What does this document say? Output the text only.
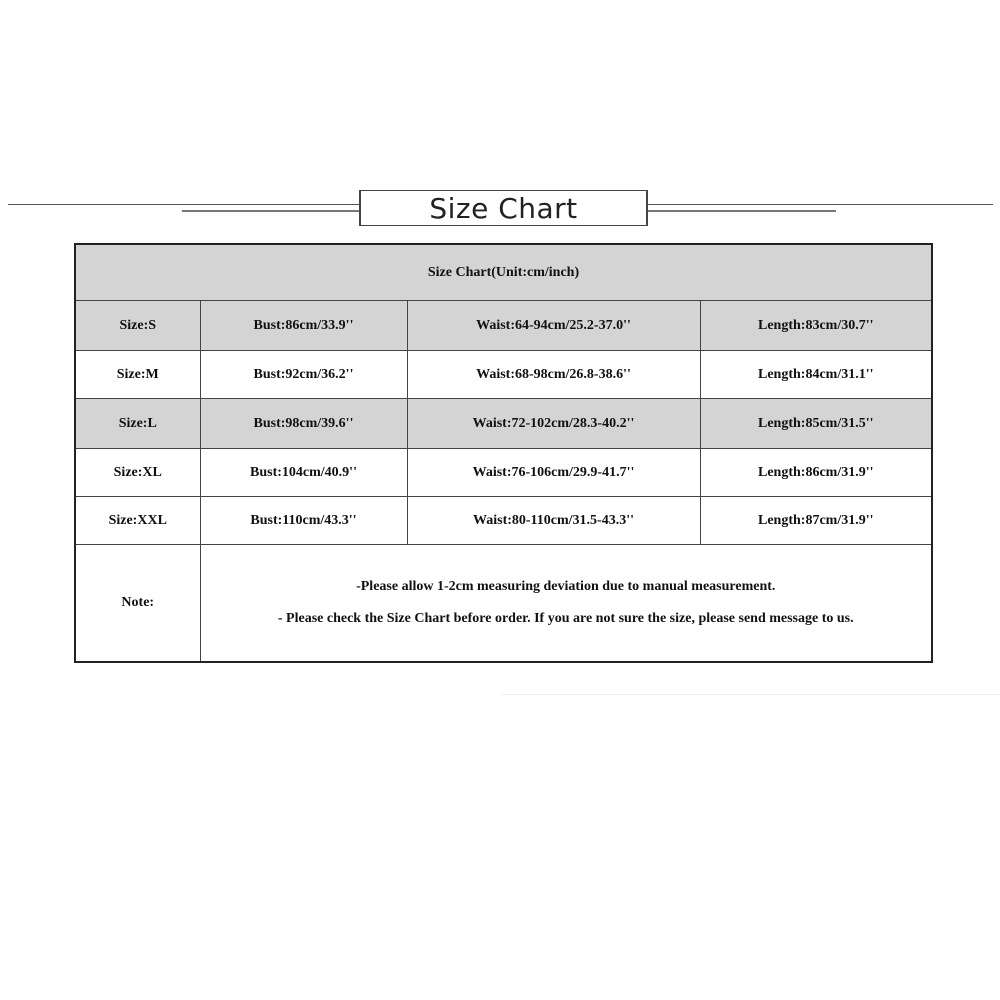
Size Chart
Size Chart(Unit:cm/inch)			
Size:S	Bust:86cm/33.9''	Waist:64-94cm/25.2-37.0''	Length:83cm/30.7''
Size:M	Bust:92cm/36.2''	Waist:68-98cm/26.8-38.6''	Length:84cm/31.1''
Size:L	Bust:98cm/39.6''	Waist:72-102cm/28.3-40.2''	Length:85cm/31.5''
Size:XL	Bust:104cm/40.9''	Waist:76-106cm/29.9-41.7''	Length:86cm/31.9''
Size:XXL	Bust:110cm/43.3''	Waist:80-110cm/31.5-43.3''	Length:87cm/31.9''
Note:	-Please allow 1-2cm measuring deviation due to manual measurement.
- Please check the Size Chart before order. If you are not sure the size, please send message to us.		
